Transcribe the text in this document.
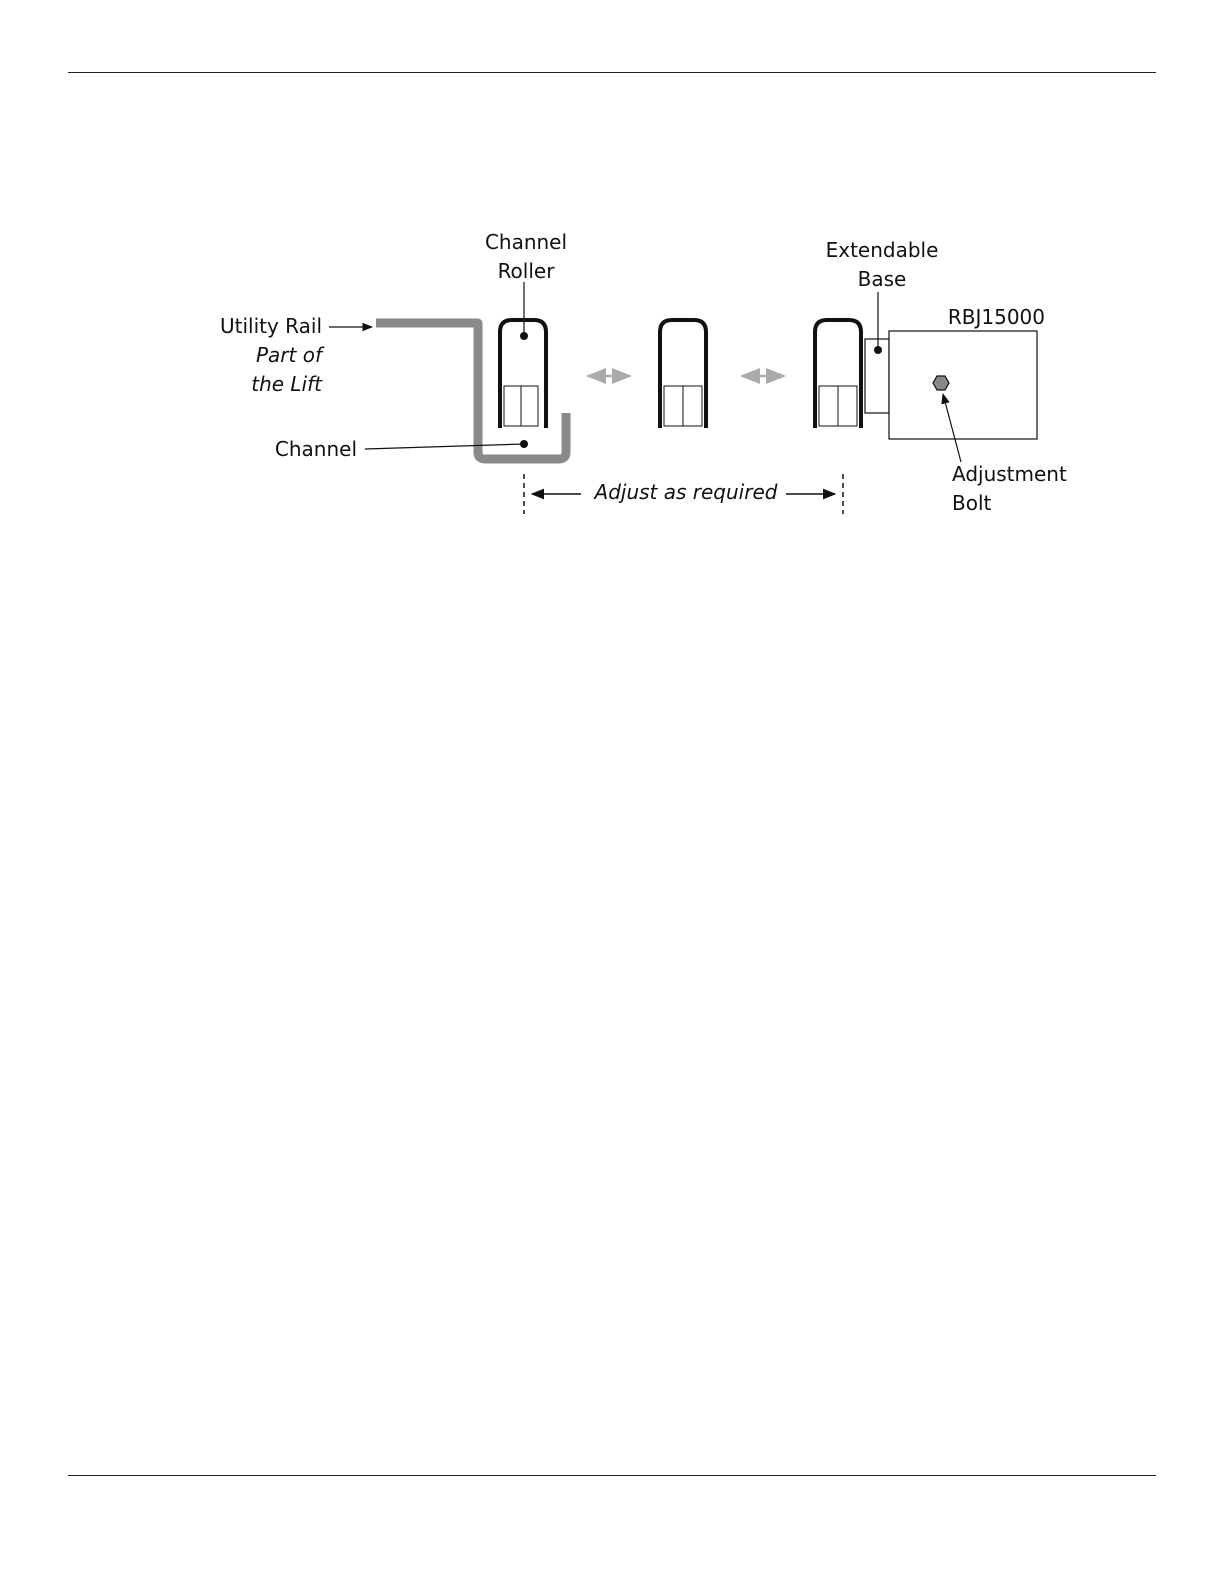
Channel
Roller
Extendable
Base
RBJ15000
Utility Rail
Part of
the Lift
Channel
Adjustment
Bolt
Adjust as required
